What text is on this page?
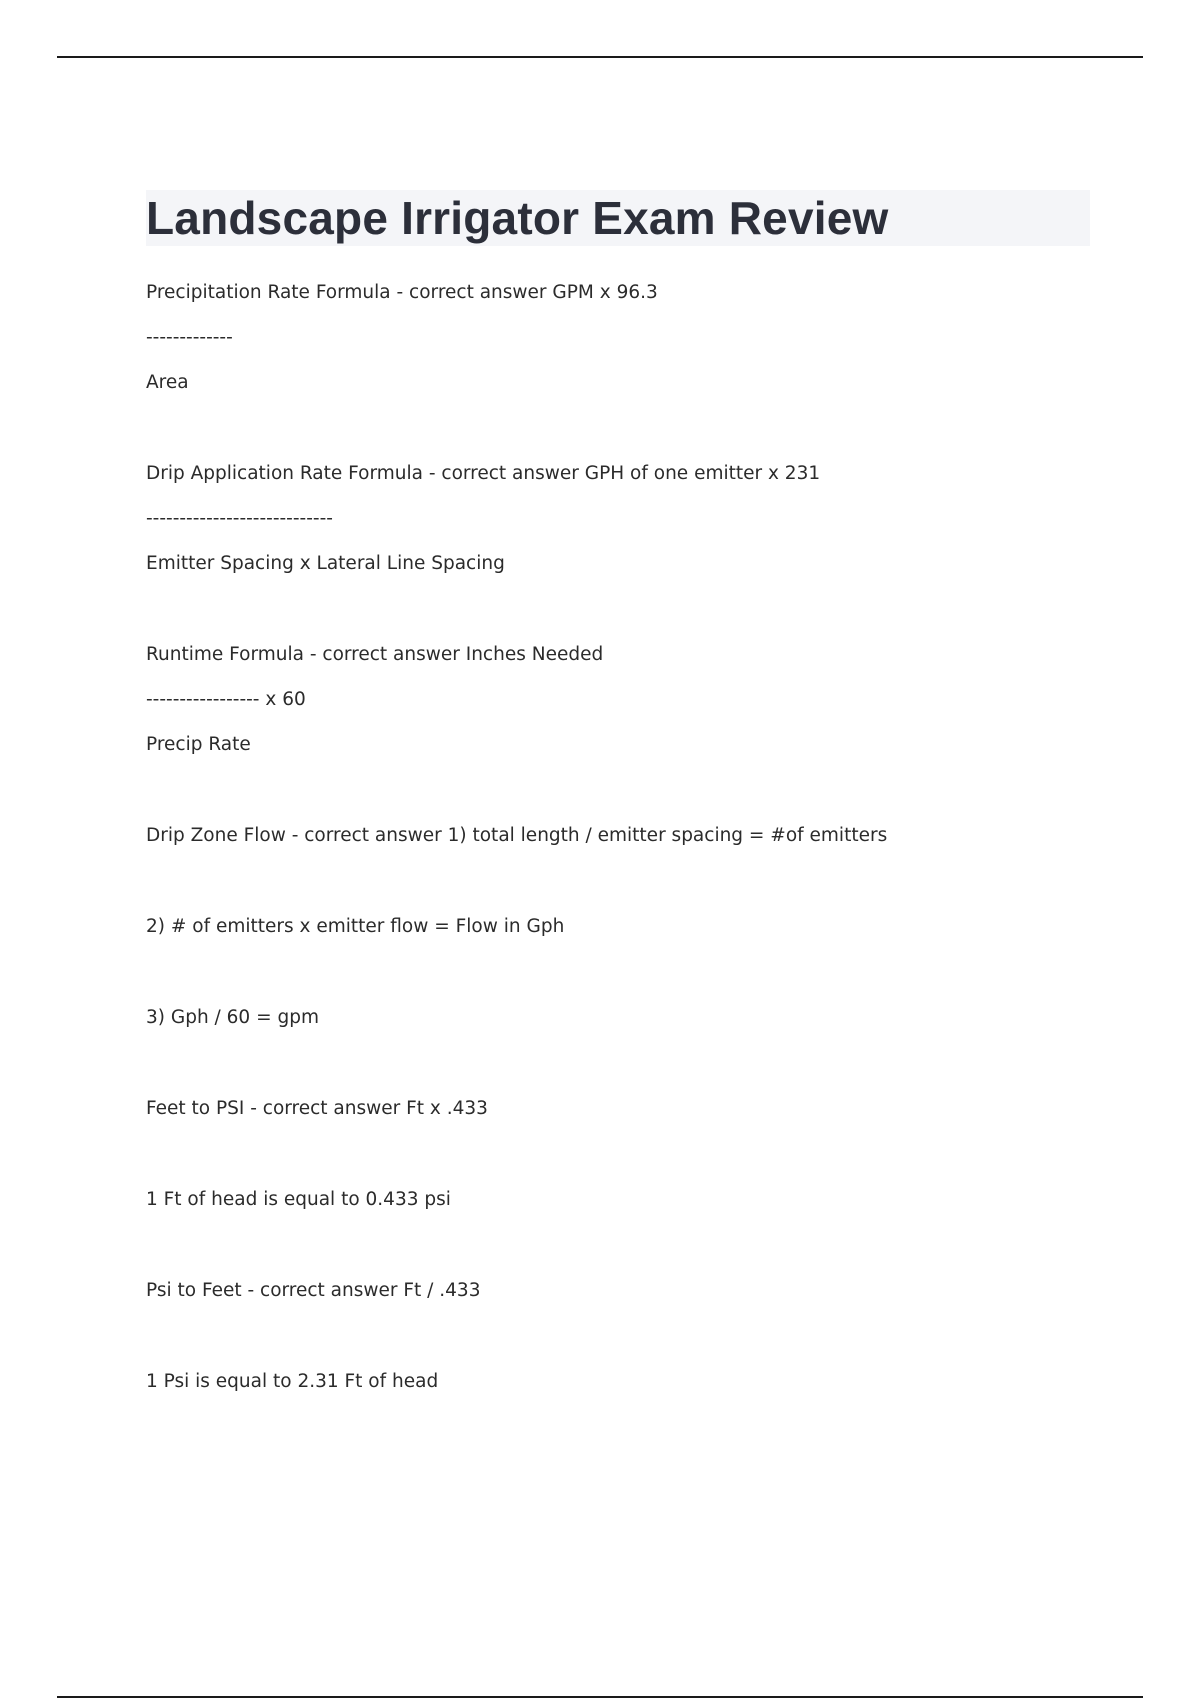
Landscape Irrigator Exam Review
Precipitation Rate Formula - correct answer GPM x 96.3
-------------
Area
Drip Application Rate Formula - correct answer GPH of one emitter x 231
----------------------------
Emitter Spacing x Lateral Line Spacing
Runtime Formula - correct answer Inches Needed
----------------- x 60
Precip Rate
Drip Zone Flow - correct answer 1) total length / emitter spacing = #of emitters
2) # of emitters x emitter flow = Flow in Gph
3) Gph / 60 = gpm
Feet to PSI - correct answer Ft x .433
1 Ft of head is equal to 0.433 psi
Psi to Feet - correct answer Ft / .433
1 Psi is equal to 2.31 Ft of head
